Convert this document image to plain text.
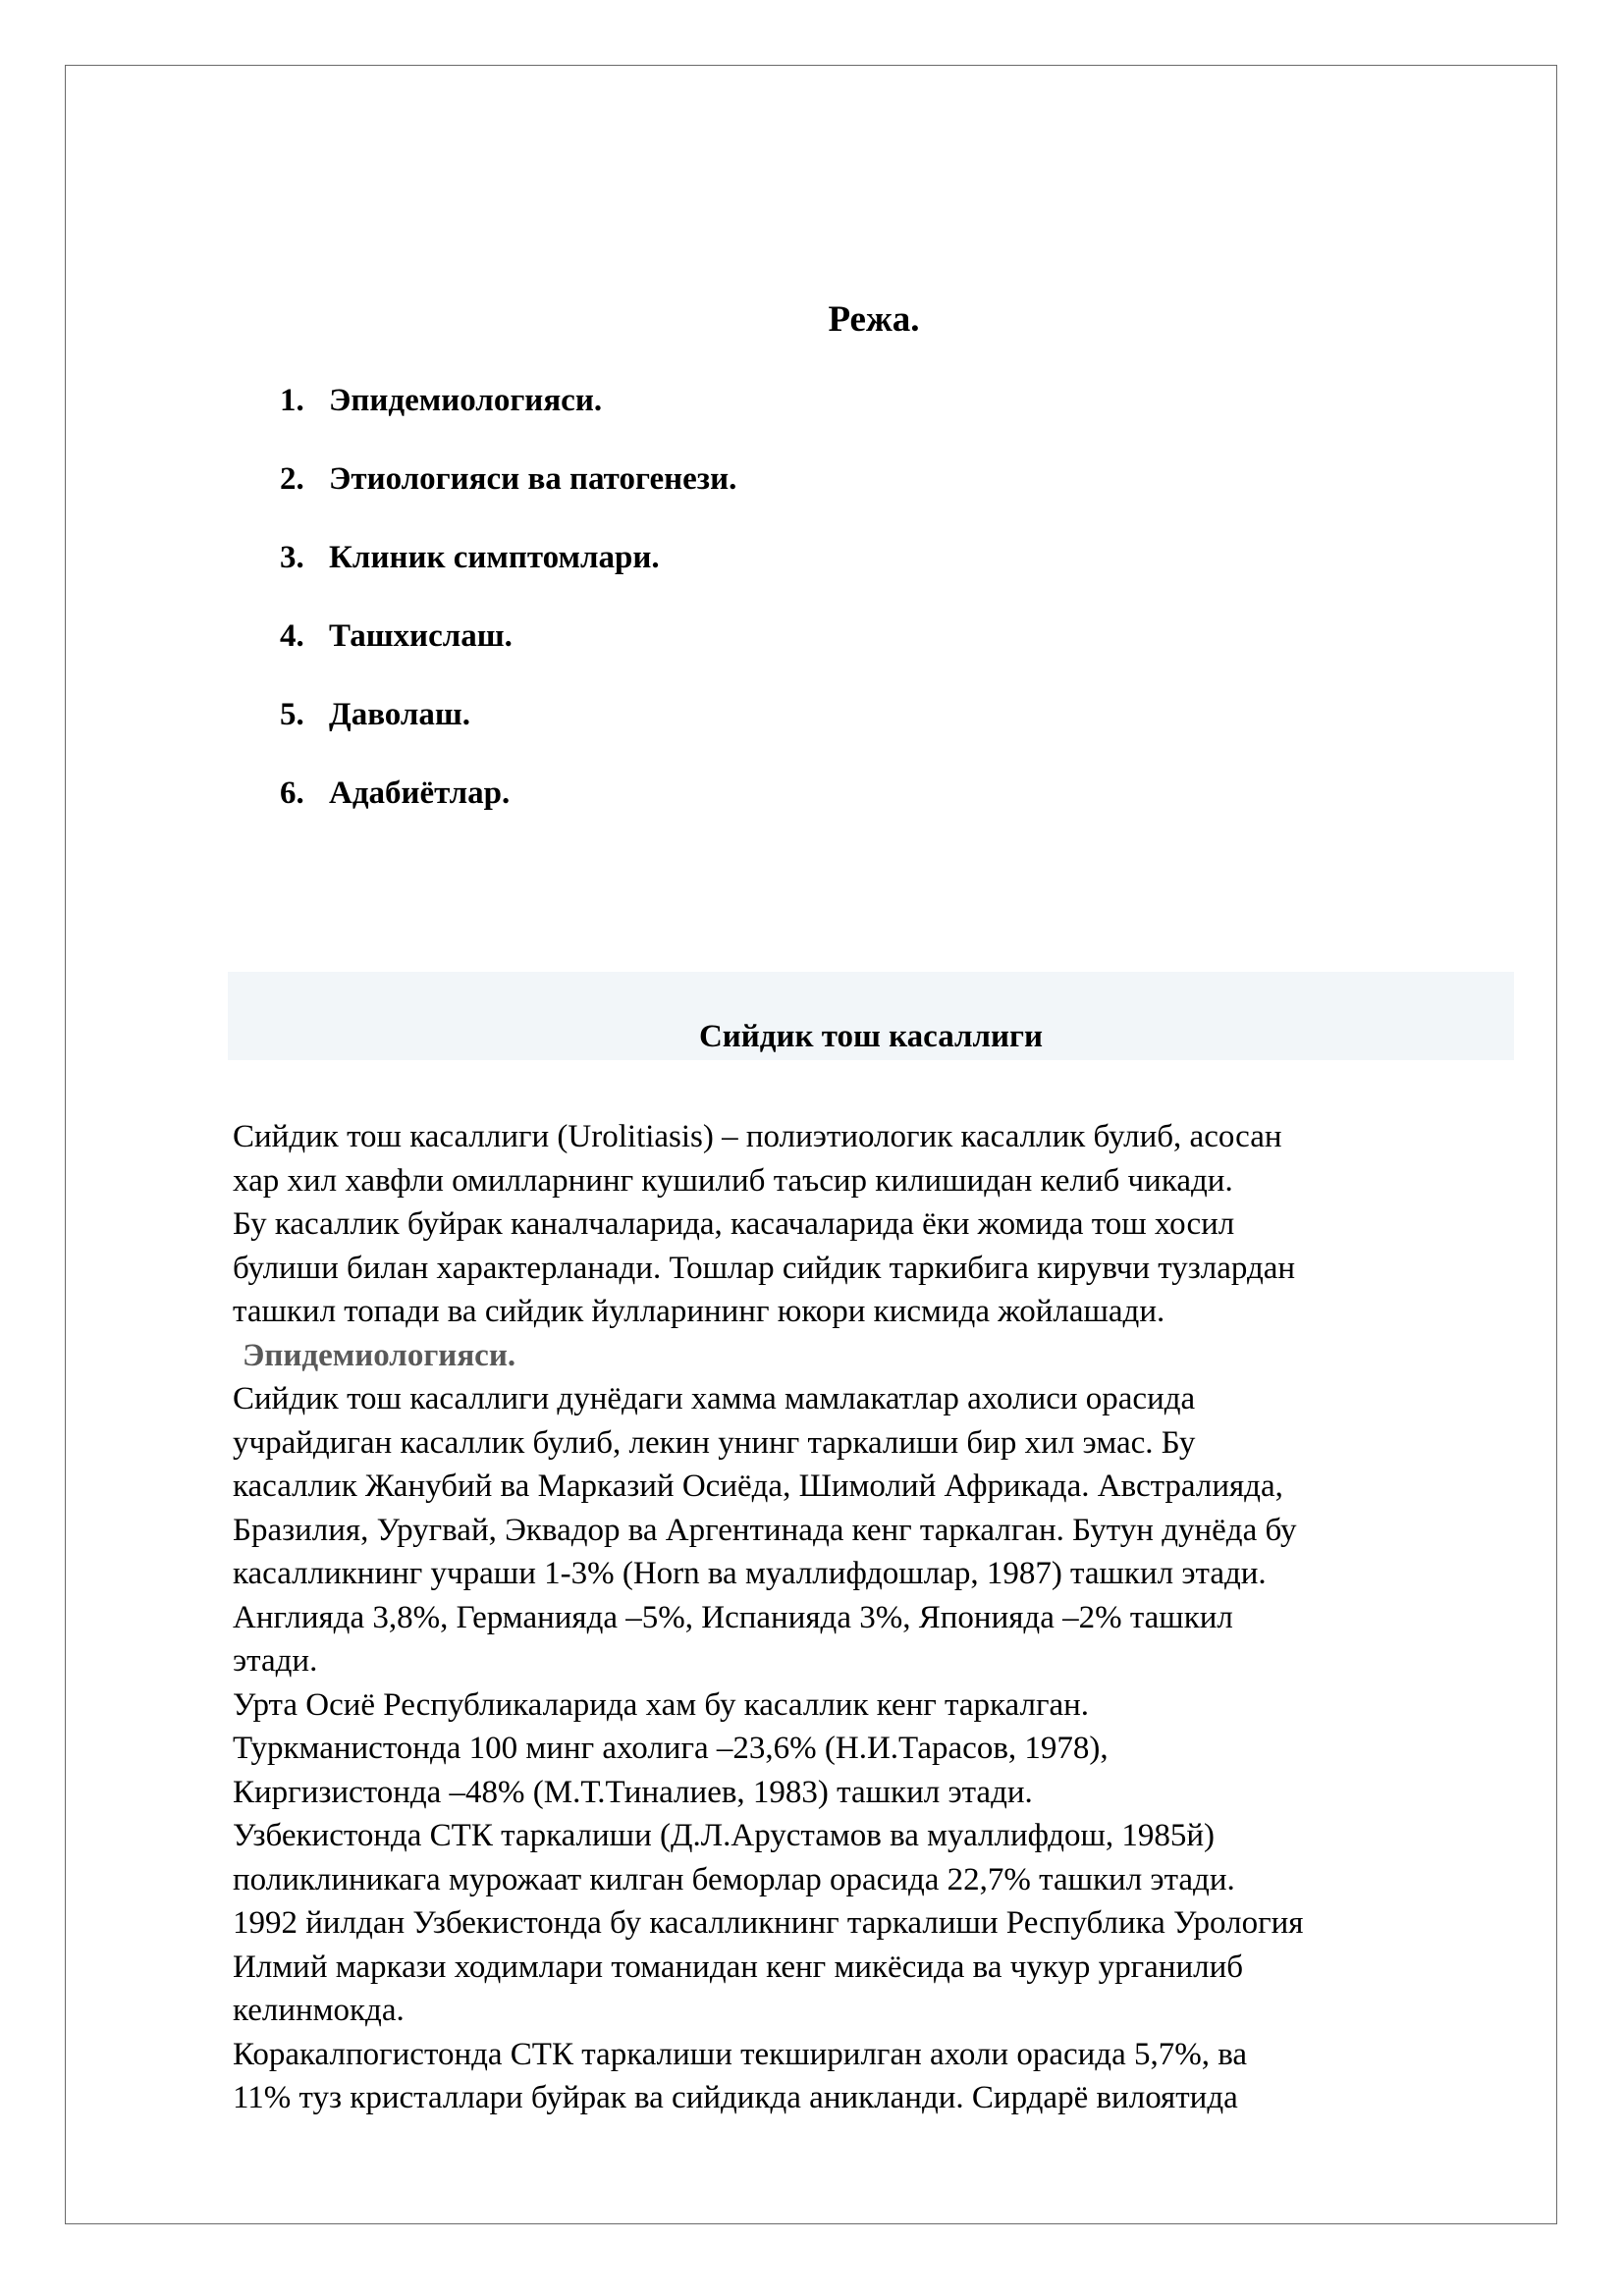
Режа.
1. Эпидемиологияси.
2. Этиологияси ва патогенези.
3. Клиник симптомлари.
4. Ташхислаш.
5. Даволаш.
6. Адабиётлар.
Сийдик тош касаллиги

Сийдик тош касаллиги (Urolitiasis) – полиэтиологик касаллик булиб, асосан

хар хил хавфли омилларнинг кушилиб таъсир килишидан келиб чикади.

Бу касаллик буйрак каналчаларида, касачаларида ёки жомида тош хосил

булиши билан характерланади. Тошлар сийдик таркибига кирувчи тузлардан

ташкил топади ва сийдик йулларининг юкори кисмида жойлашади.

Эпидемиологияси.

Сийдик тош касаллиги дунёдаги хамма мамлакатлар ахолиси орасида

учрайдиган касаллик булиб, лекин унинг таркалиши бир хил эмас. Бу

касаллик Жанубий ва Марказий Осиёда, Шимолий Африкада. Австралияда,

Бразилия, Уругвай, Эквадор ва Аргентинада кенг таркалган. Бутун дунёда бу

касалликнинг учраши 1-3% (Horn ва муаллифдошлар, 1987) ташкил этади.

Англияда 3,8%, Германияда –5%, Испанияда 3%, Японияда –2% ташкил

этади.

Урта Осиё Республикаларида хам бу касаллик кенг таркалган.

Туркманистонда 100 минг ахолига –23,6% (Н.И.Тарасов, 1978),

Киргизистонда –48% (М.Т.Тиналиев, 1983) ташкил этади.

Узбекистонда СТК таркалиши (Д.Л.Арустамов ва муаллифдош, 1985й)

поликлиникага мурожаат килган беморлар орасида 22,7% ташкил этади.

1992 йилдан Узбекистонда бу касалликнинг таркалиши Республика Урология

Илмий маркази ходимлари томанидан кенг микёсида ва чукур урганилиб

келинмокда.

Коракалпогистонда СТК таркалиши текширилган ахоли орасида 5,7%, ва

11% туз кристаллари буйрак ва сийдикда аникланди. Сирдарё вилоятида
